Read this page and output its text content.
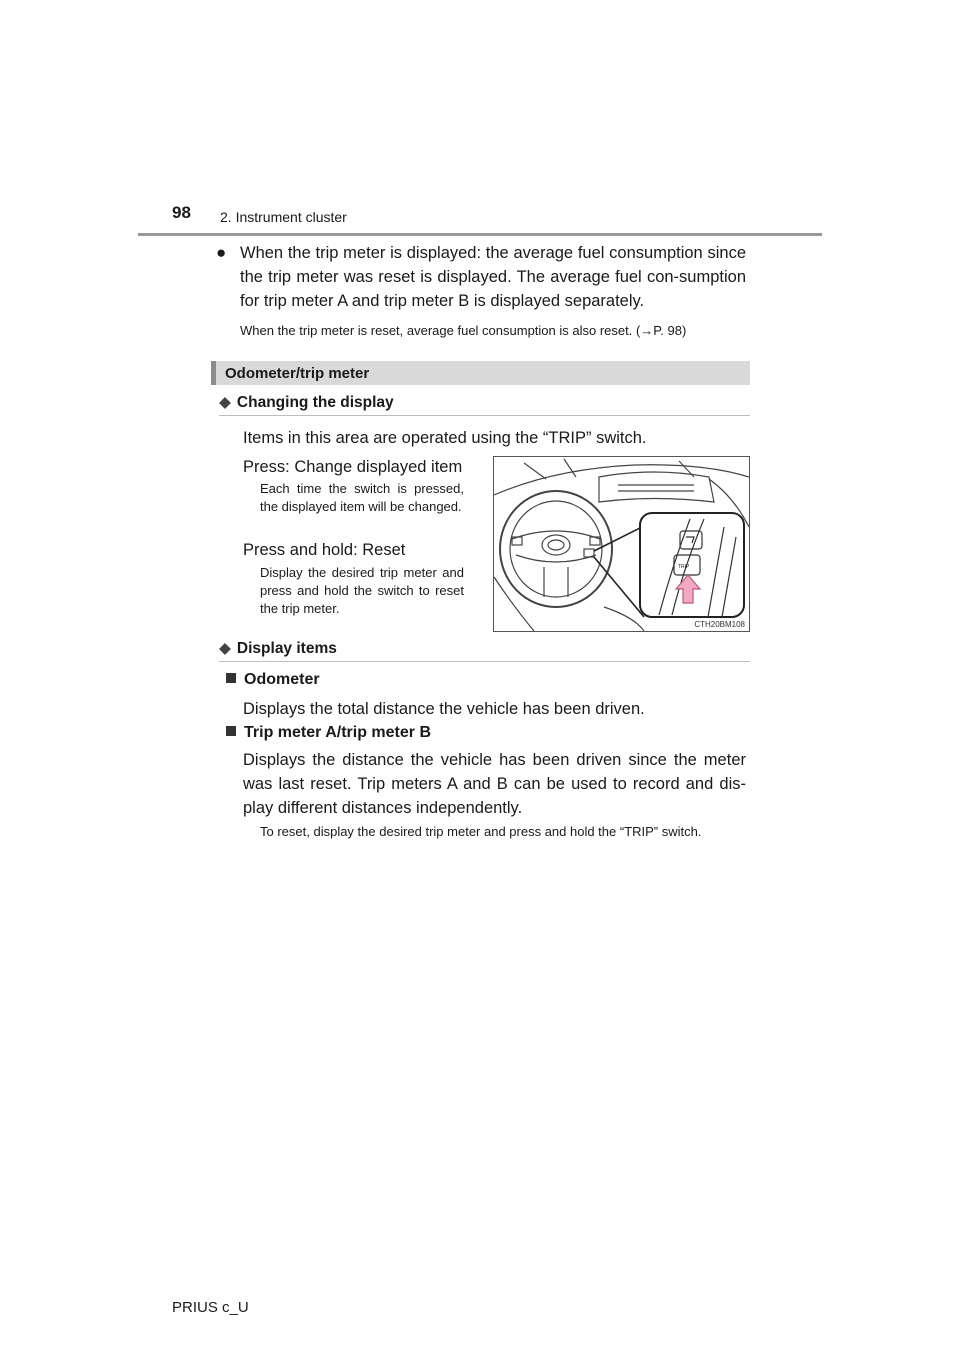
98 2. Instrument cluster
● When the trip meter is displayed: the average fuel consumption since the trip meter was reset is displayed. The average fuel con-sumption for trip meter A and trip meter B is displayed separately.
When the trip meter is reset, average fuel consumption is also reset. (→P. 98)
Odometer/trip meter
◆ Changing the display
Items in this area are operated using the “TRIP” switch.
Press: Change displayed item
Each time the switch is pressed, the displayed item will be changed.
Press and hold: Reset
Display the desired trip meter and press and hold the switch to reset the trip meter.
TRIP
CTH20BM108
◆ Display items
Odometer
Displays the total distance the vehicle has been driven.
Trip meter A/trip meter B
Displays the distance the vehicle has been driven since the meter was last reset. Trip meters A and B can be used to record and dis-play different distances independently.
To reset, display the desired trip meter and press and hold the “TRIP” switch.
PRIUS c_U
